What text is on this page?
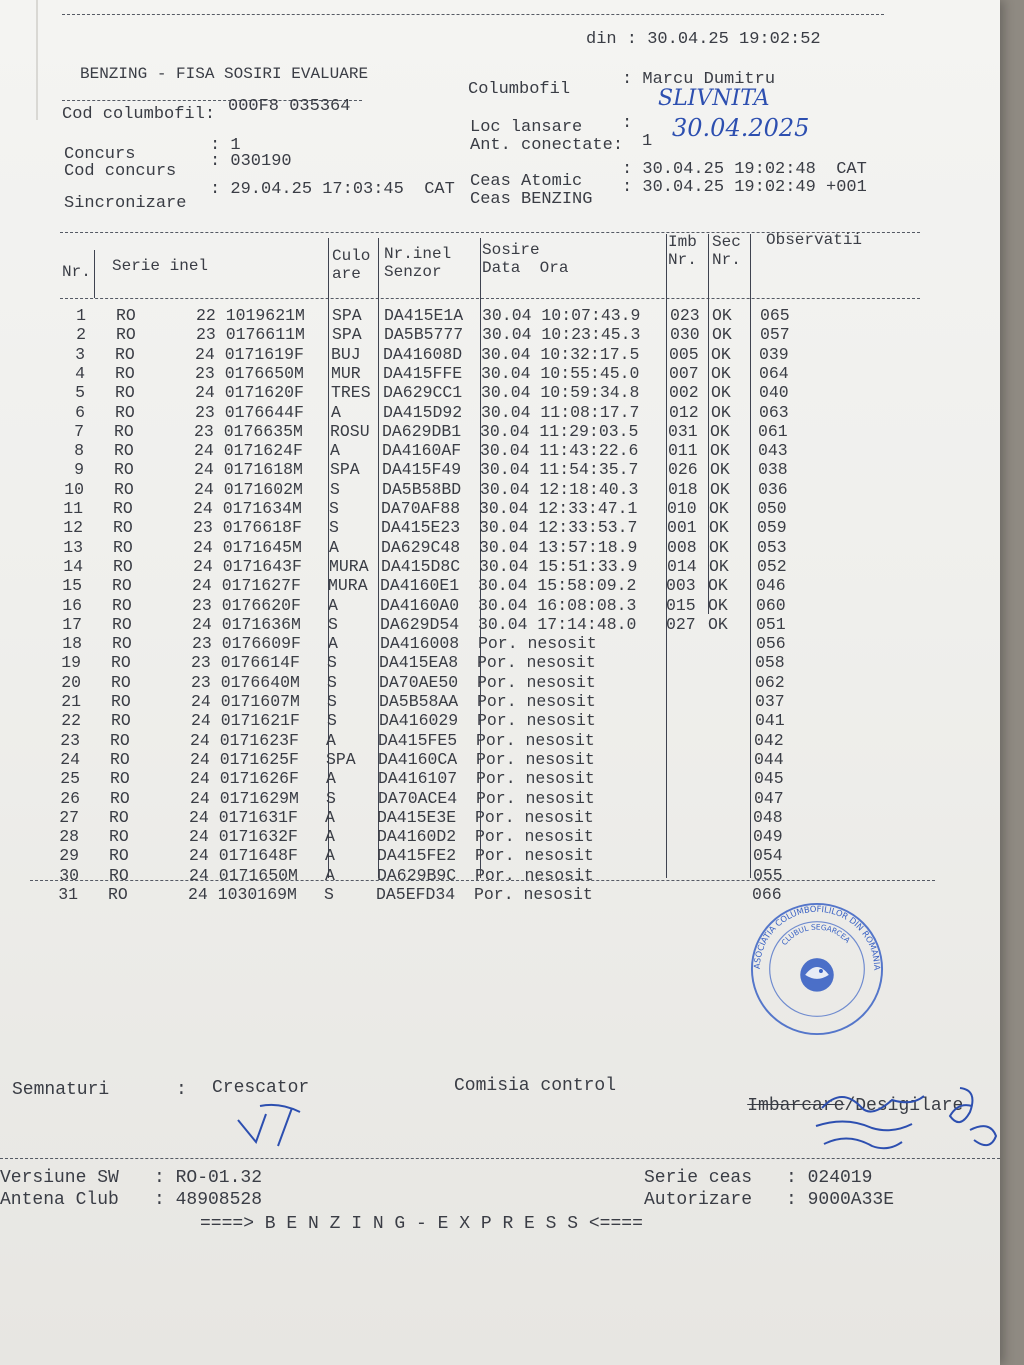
din : 30.04.25 19:02:52
BENZING - FISA SOSIRI EVALUARE
Cod columbofil: 000F8 035364
Columbofil
: Marcu Dumitru
Loc lansare :
SLIVNITA
Ant. conectate: 1 30.04.2025
Concurs	: 1
Cod concurs
: 030190
Sincronizare
: 29.04.25 17:03:45  CAT Ceas Atomic
: 30.04.25 19:02:48  CAT
Ceas BENZING
: 30.04.25 19:02:49 +001
Nr. Serie inel
Culo
are
Nr.inel
Senzor
Sosire
Data  Ora
Imb
Nr.
Sec
Nr.
Observatii
1 RO	22 1019621M SPA DA415E1A 30.04 10:07:43.9 023 OK 065
2 RO	23 0176611M SPA DA5B5777 30.04 10:23:45.3 030 OK 057
3 RO	24 0171619F BUJ DA41608D 30.04 10:32:17.5 005 OK 039
4 RO	23 0176650M MUR DA415FFE 30.04 10:55:45.0 007 OK 064
5 RO	24 0171620F TRES DA629CC1 30.04 10:59:34.8 002 OK 040
6 RO	23 0176644F A	DA415D92 30.04 11:08:17.7 012 OK 063
7 RO	23 0176635M ROSU DA629DB1 30.04 11:29:03.5 031 OK 061
8 RO	24 0171624F A	DA4160AF 30.04 11:43:22.6 011 OK 043
9 RO	24 0171618M SPA DA415F49 30.04 11:54:35.7 026 OK 038
10 RO	24 0171602M S	DA5B58BD 30.04 12:18:40.3 018 OK 036
11 RO	24 0171634M S	DA70AF88 30.04 12:33:47.1 010 OK 050
12 RO	23 0176618F S	DA415E23 30.04 12:33:53.7 001 OK 059
13 RO	24 0171645M A	DA629C48 30.04 13:57:18.9 008 OK 053
14 RO	24 0171643F MURA DA415D8C 30.04 15:51:33.9 014 OK 052
15 RO	24 0171627F MURA DA4160E1 30.04 15:58:09.2 003 OK 046
16 RO	23 0176620F A	DA4160A0 30.04 16:08:08.3 015 OK 060
17 RO	24 0171636M S	DA629D54 30.04 17:14:48.0 027 OK 051
18 RO	23 0176609F A	DA416008 Por. nesosit	056
19 RO	23 0176614F S	DA415EA8 Por. nesosit	058
20 RO	23 0176640M S	DA70AE50 Por. nesosit	062
21 RO	24 0171607M S	DA5B58AA Por. nesosit	037
22 RO	24 0171621F S	DA416029 Por. nesosit	041
23 RO	24 0171623F A	DA415FE5 Por. nesosit	042
24 RO	24 0171625F SPA DA4160CA Por. nesosit	044
25 RO	24 0171626F A	DA416107 Por. nesosit	045
26 RO	24 0171629M S	DA70ACE4 Por. nesosit	047
27 RO	24 0171631F A	DA415E3E Por. nesosit	048
28 RO	24 0171632F A	DA4160D2 Por. nesosit	049
29 RO	24 0171648F A	DA415FE2 Por. nesosit	054
30 RO	24 0171650M A	DA629B9C Por. nesosit	055
31 RO	24 1030169M S	DA5EFD34 Por. nesosit	066
ASOCIATIA COLUMBOFILILOR DIN ROMANIA
CLUBUL SEGARCEA
Semnaturi	: Crescator	Comisia control

Imbarcare/Desigilare

Versiune SW : RO-01.32
Antena Club : 48908528
Serie ceas : 024019
Autorizare : 9000A33E
====> B E N Z I N G - E X P R E S S <====
